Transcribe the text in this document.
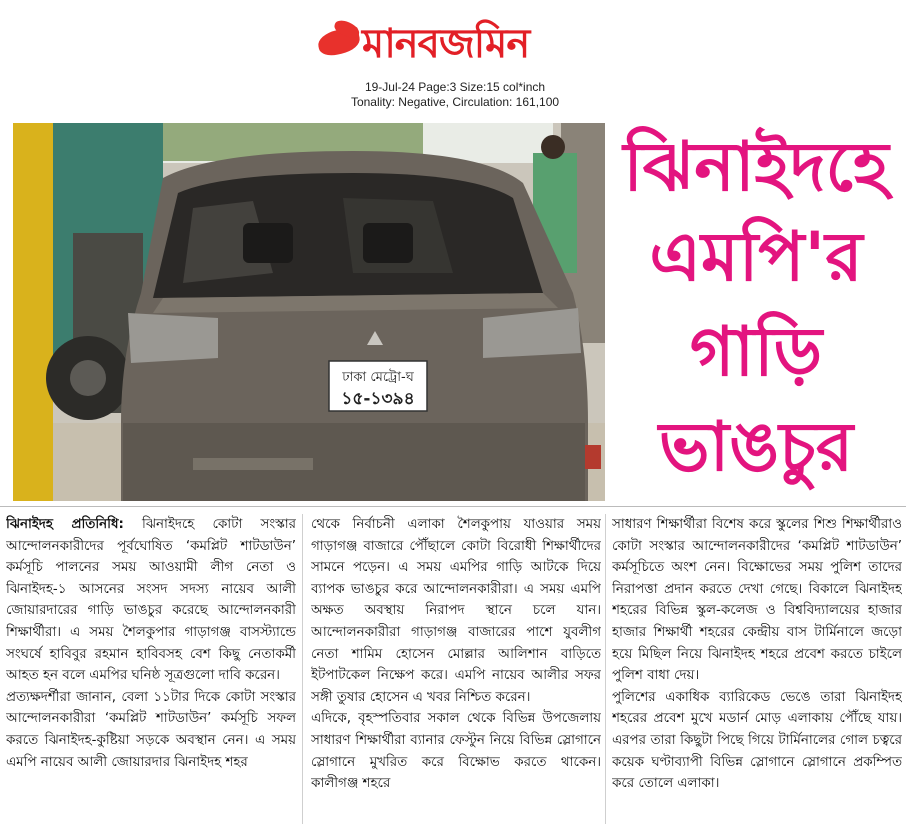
মানবজমিন
19-Jul-24 Page:3 Size:15 col*inch
Tonality: Negative, Circulation: 161,100
ঢাকা মেট্রো-ঘ
১৫-১৩৯৪
ঝিনাইদহে
এমপি'র
গাড়ি
ভাঙচুর

ঝিনাইদহ প্রতিনিধি: ঝিনাইদহে কোটা সংস্কার আন্দোলনকারীদের পূর্বঘোষিত ‘কমপ্লিট শাটডাউন’ কর্মসূচি পালনের সময় আওয়ামী লীগ নেতা ও ঝিনাইদহ-১ আসনের সংসদ সদস্য নায়েব আলী জোয়ারদারের গাড়ি ভাঙচুর করেছে আন্দোলনকারী শিক্ষার্থীরা। এ সময় শৈলকুপার গাড়াগঞ্জ বাসস্ট্যান্ডে সংঘর্ষে হাবিবুর রহমান হাবিবসহ বেশ কিছু নেতাকর্মী আহত হন বলে এমপির ঘনিষ্ঠ সূত্রগুলো দাবি করেন।

প্রত্যক্ষদর্শীরা জানান, বেলা ১১টার দিকে কোটা সংস্কার আন্দোলনকারীরা ‘কমপ্লিট শাটডাউন’ কর্মসূচি সফল করতে ঝিনাইদহ-কুষ্টিয়া সড়কে অবস্থান নেন। এ সময় এমপি নায়েব আলী জোয়ারদার ঝিনাইদহ শহর

থেকে নির্বাচনী এলাকা শৈলকুপায় যাওয়ার সময় গাড়াগঞ্জ বাজারে পৌঁছালে কোটা বিরোধী শিক্ষার্থীদের সামনে পড়েন। এ সময় এমপির গাড়ি আটকে দিয়ে ব্যাপক ভাঙচুর করে আন্দোলনকারীরা। এ সময় এমপি অক্ষত অবস্থায় নিরাপদ স্থানে চলে যান। আন্দোলনকারীরা গাড়াগঞ্জ বাজারের পাশে যুবলীগ নেতা শামিম হোসেন মোল্লার আলিশান বাড়িতে ইটপাটকেল নিক্ষেপ করে। এমপি নায়েব আলীর সফর সঙ্গী তুষার হোসেন এ খবর নিশ্চিত করেন।

এদিকে, বৃহস্পতিবার সকাল থেকে বিভিন্ন উপজেলায় সাধারণ শিক্ষার্থীরা ব্যানার ফেস্টুন নিয়ে বিভিন্ন স্লোগানে স্লোগানে মুখরিত করে বিক্ষোভ করতে থাকেন। কালীগঞ্জ শহরে

সাধারণ শিক্ষার্থীরা বিশেষ করে স্কুলের শিশু শিক্ষার্থীরাও কোটা সংস্কার আন্দোলনকারীদের ‘কমপ্লিট শাটডাউন’ কর্মসূচিতে অংশ নেন। বিক্ষোভের সময় পুলিশ তাদের নিরাপত্তা প্রদান করতে দেখা গেছে। বিকালে ঝিনাইদহ শহরের বিভিন্ন স্কুল-কলেজ ও বিশ্ববিদ্যালয়ের হাজার হাজার শিক্ষার্থী শহরের কেন্দ্রীয় বাস টার্মিনালে জড়ো হয়ে মিছিল নিয়ে ঝিনাইদহ শহরে প্রবেশ করতে চাইলে পুলিশ বাধা দেয়।

পুলিশের একাধিক ব্যারিকেড ভেঙে তারা ঝিনাইদহ শহরের প্রবেশ মুখে মডার্ন মোড় এলাকায় পৌঁছে যায়। এরপর তারা কিছুটা পিছে গিয়ে টার্মিনালের গোল চত্বরে কয়েক ঘণ্টাব্যাপী বিভিন্ন স্লোগানে স্লোগানে প্রকম্পিত করে তোলে এলাকা।
